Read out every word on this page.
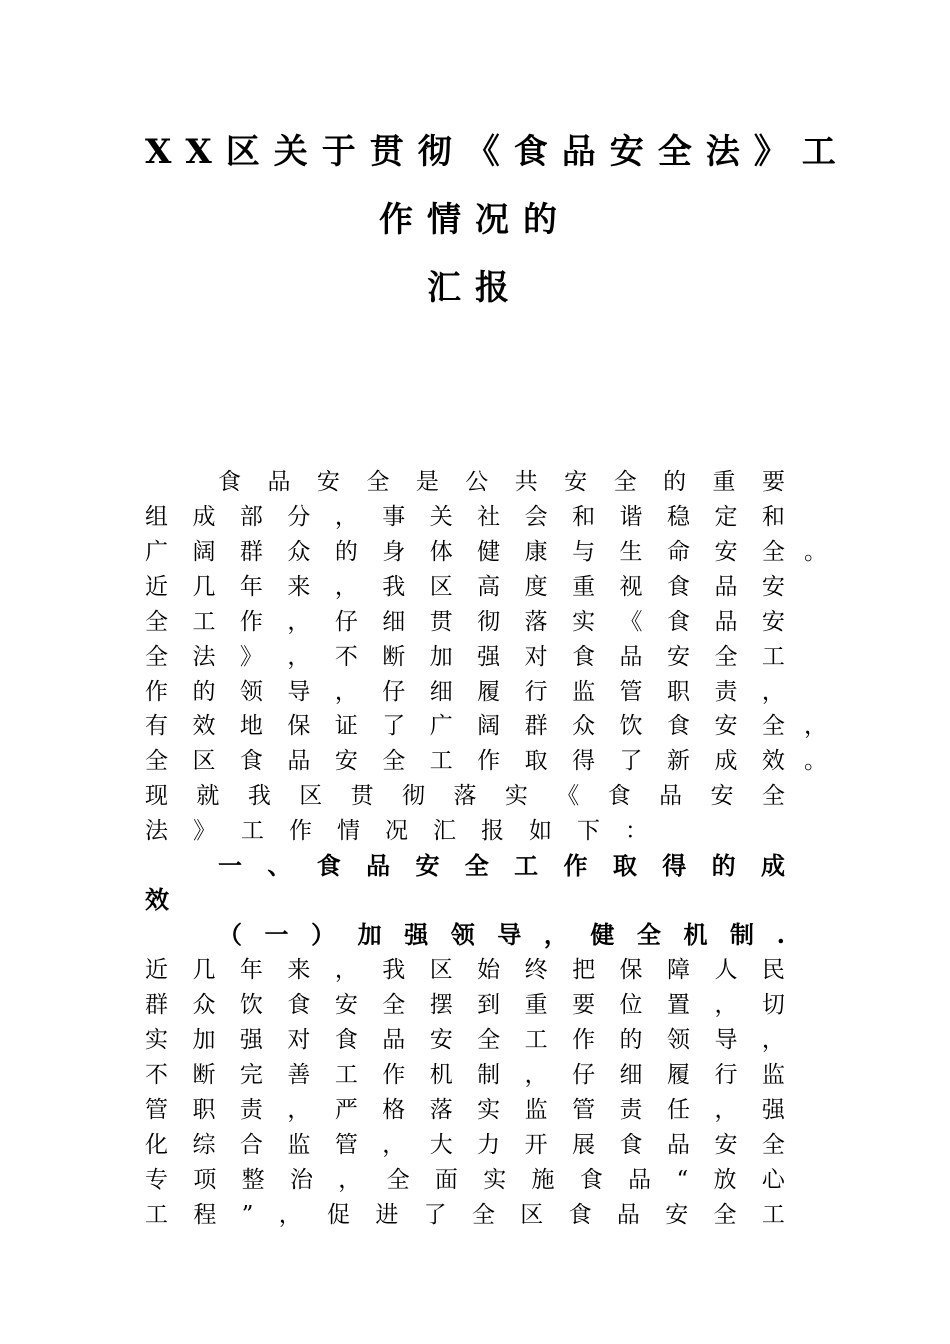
XX区关于贯彻《食品安全法》工
作情况的
汇报
食 品 安 全 是 公 共 安 全 的 重 要
组 成 部 分 ， 事 关 社 会 和 谐 稳 定 和
广 阔 群 众 的 身 体 健 康 与 生 命 安 全
近 几 年 来 ， 我 区 高 度 重 视 食 品 安
全 工 作 ， 仔 细 贯 彻 落 实 《 食 品 安
全 法 》 ， 不 断 加 强 对 食 品 安 全 工
作 的 领 导 ， 仔 细 履 行 监 管 职 责 ，
有 效 地 保 证 了 广 阔 群 众 饮 食 安 全
全 区 食 品 安 全 工 作 取 得 了 新 成 效
现 就 我 区 贯 彻 落 实 《 食 品 安 全
法 》 工 作 情 况 汇 报 如 下 ：
一 、 食 品 安 全 工 作 取 得 的 成
效
（ 一 ） 加 强 领 导 ， 健 全 机 制 .
近 几 年 来 ， 我 区 始 终 把 保 障 人 民
群 众 饮 食 安 全 摆 到 重 要 位 置 ， 切
实 加 强 对 食 品 安 全 工 作 的 领 导 ，
不 断 完 善 工 作 机 制 ， 仔 细 履 行 监
管 职 责 ， 严 格 落 实 监 管 责 任 ， 强
化 综 合 监 管 ， 大 力 开 展 食 品 安 全
专 项 整 治 ， 全 面 实 施 食 品 “ 放 心
工 程 ” ， 促 进 了 全 区 食 品 安 全 工
。
，
。
